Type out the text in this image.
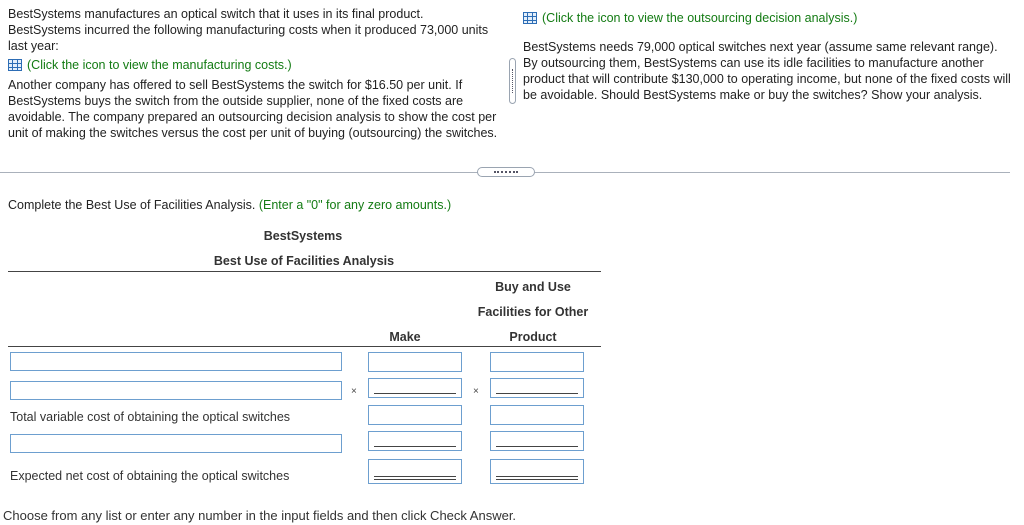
BestSystems manufactures an optical switch that it uses in its final product. BestSystems incurred the following manufacturing costs when it produced 73,000 units last year:

(Click the icon to view the manufacturing costs.)

Another company has offered to sell BestSystems the switch for $16.50 per unit. If BestSystems buys the switch from the outside supplier, none of the fixed costs are avoidable. The company prepared an outsourcing decision analysis to show the cost per unit of making the switches versus the cost per unit of buying (outsourcing) the switches.

(Click the icon to view the outsourcing decision analysis.)

BestSystems needs 79,000 optical switches next year (assume same relevant range). By outsourcing them, BestSystems can use its idle facilities to manufacture another product that will contribute $130,000 to operating income, but none of the fixed costs will be avoidable. Should BestSystems make or buy the switches? Show your analysis.

Complete the Best Use of Facilities Analysis. (Enter a "0" for any zero amounts.)
BestSystems
Best Use of Facilities Analysis
Buy and Use
Facilities for Other
Make	Product
×	×
Total variable cost of obtaining the optical switches
Expected net cost of obtaining the optical switches
Choose from any list or enter any number in the input fields and then click Check Answer.
